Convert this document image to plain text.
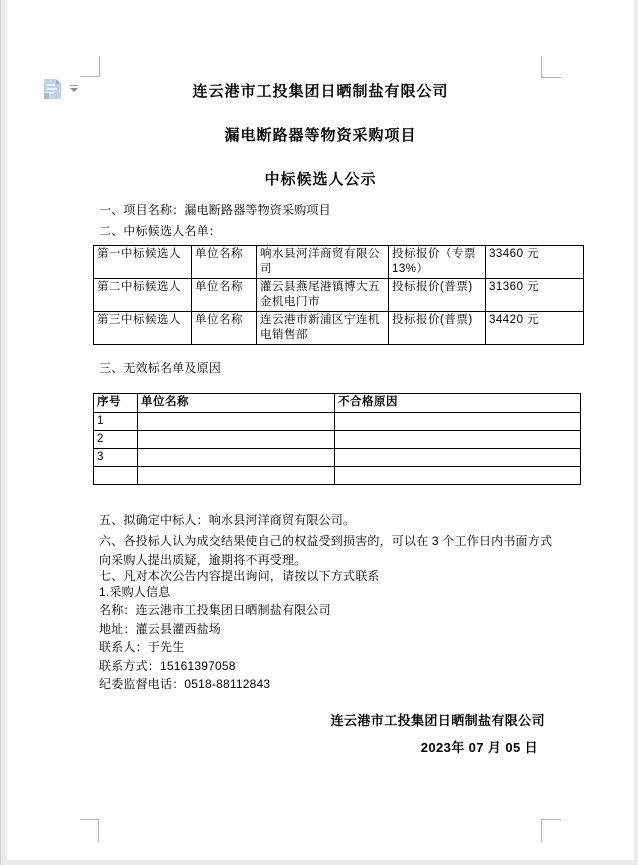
连云港市工投集团日晒制盐有限公司
漏电断路器等物资采购项目
中标候选人公示
一、项目名称：漏电断路器等物资采购项目
二、中标候选人名单：
第一中标候选人	单位名称	响水县河洋商贸有限公司	投标报价（专票13%）	33460 元
第二中标候选人	单位名称	灌云县燕尾港镇博大五金机电门市	投标报价(普票)	31360 元
第三中标候选人	单位名称	连云港市新浦区宁连机电销售部	投标报价(普票)	34420 元
三、无效标名单及原因
序号	单位名称	不合格原因
1		
2		
3		

五、拟确定中标人：响水县河洋商贸有限公司。
六、各投标人认为成交结果使自己的权益受到损害的，可以在 3 个工作日内书面方式向采购人提出质疑，逾期将不再受理。
七、凡对本次公告内容提出询问，请按以下方式联系
1.采购人信息
名称：连云港市工投集团日晒制盐有限公司
地址：灌云县灌西盐场
联系人：于先生
联系方式：15161397058
纪委监督电话：0518-88112843
连云港市工投集团日晒制盐有限公司
2023年 07 月 05 日
